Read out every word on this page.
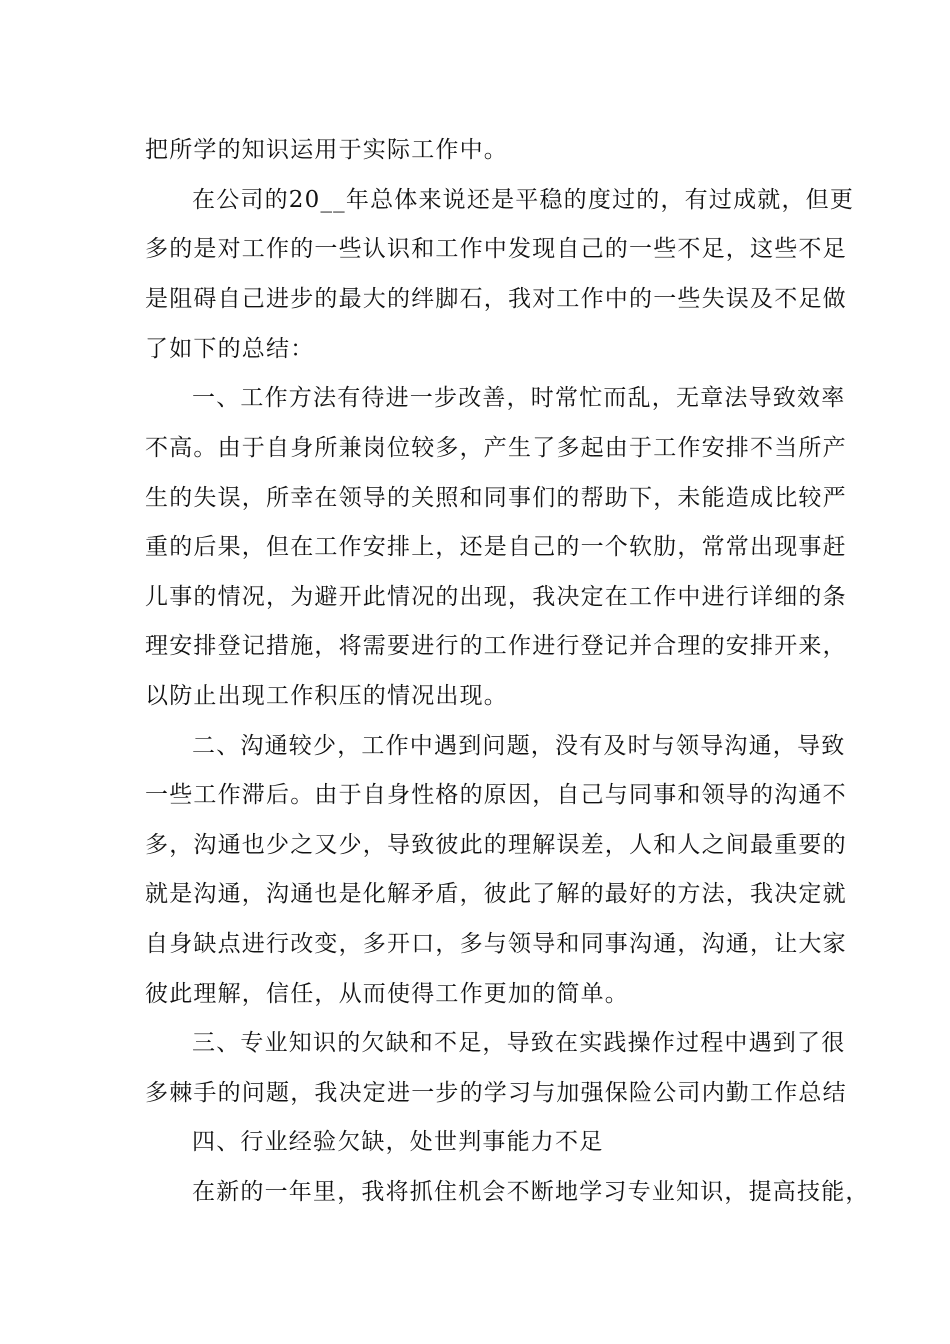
把所学的知识运用于实际工作中。
在公司的20__年总体来说还是平稳的度过的，有过成就，但更
多的是对工作的一些认识和工作中发现自己的一些不足，这些不足
是阻碍自己进步的最大的绊脚石，我对工作中的一些失误及不足做
了如下的总结：
一、工作方法有待进一步改善，时常忙而乱，无章法导致效率
不高。由于自身所兼岗位较多，产生了多起由于工作安排不当所产
生的失误，所幸在领导的关照和同事们的帮助下，未能造成比较严
重的后果，但在工作安排上，还是自己的一个软肋，常常出现事赶
儿事的情况，为避开此情况的出现，我决定在工作中进行详细的条
理安排登记措施，将需要进行的工作进行登记并合理的安排开来，
以防止出现工作积压的情况出现。
二、沟通较少，工作中遇到问题，没有及时与领导沟通，导致
一些工作滞后。由于自身性格的原因，自己与同事和领导的沟通不
多，沟通也少之又少，导致彼此的理解误差，人和人之间最重要的
就是沟通，沟通也是化解矛盾，彼此了解的最好的方法，我决定就
自身缺点进行改变，多开口，多与领导和同事沟通，沟通，让大家
彼此理解，信任，从而使得工作更加的简单。
三、专业知识的欠缺和不足，导致在实践操作过程中遇到了很
多棘手的问题，我决定进一步的学习与加强保险公司内勤工作总结
四、行业经验欠缺，处世判事能力不足
在新的一年里，我将抓住机会不断地学习专业知识，提高技能，
